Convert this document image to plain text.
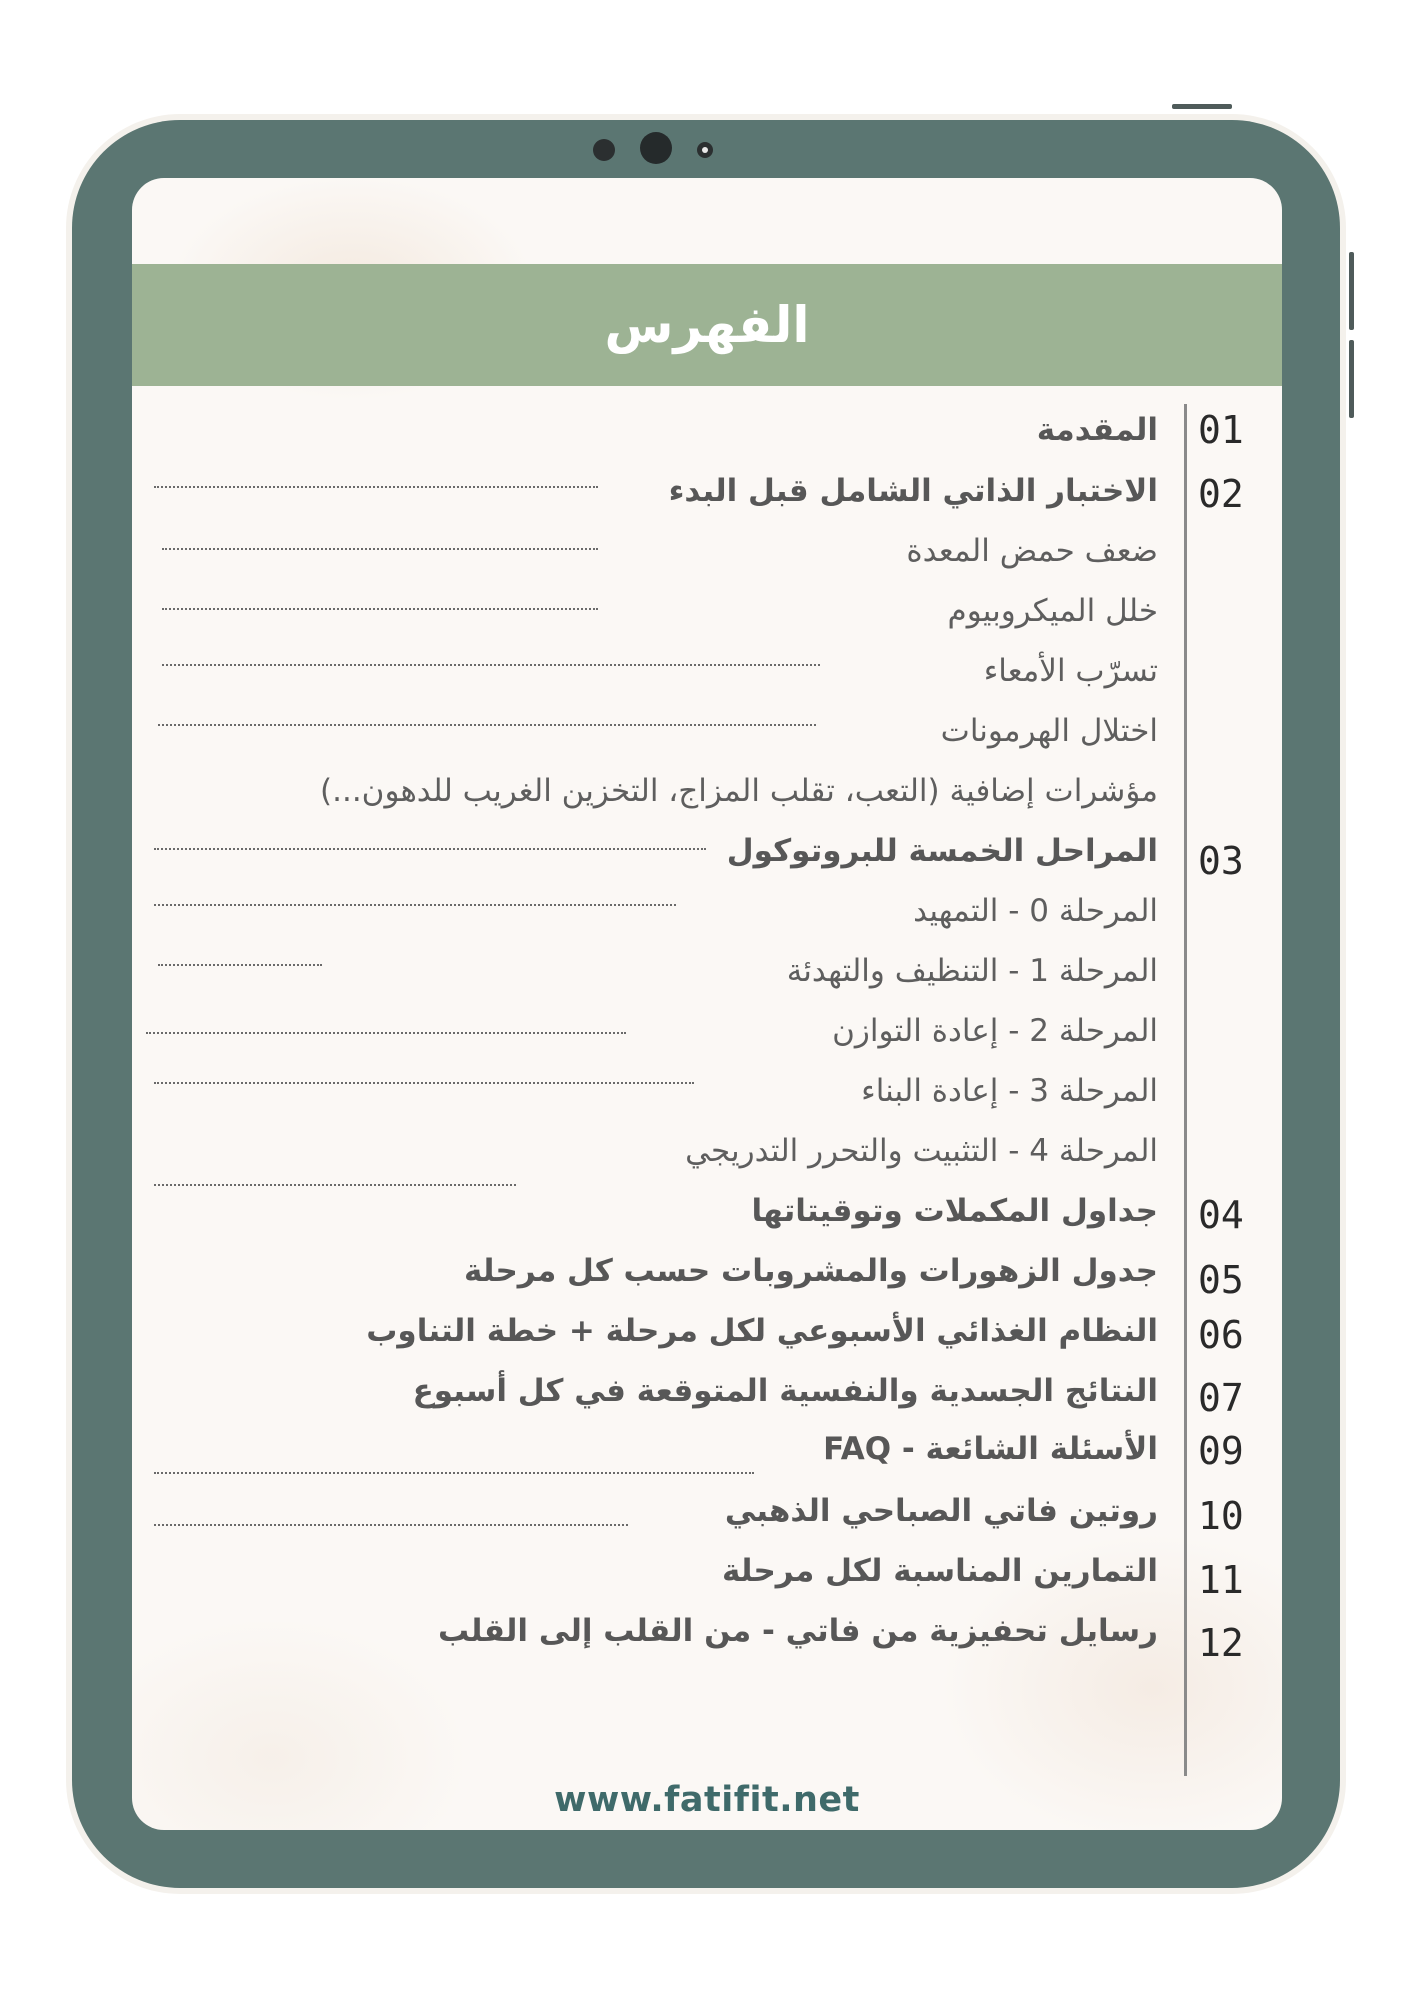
الفهرس
01
02
03
04
05
06
07
09
10
11
12
المقدمة
الاختبار الذاتي الشامل قبل البدء
ضعف حمض المعدة
خلل الميكروبيوم
تسرّب الأمعاء
اختلال الهرمونات
مؤشرات إضافية (التعب، تقلب المزاج، التخزين الغريب للدهون...)
المراحل الخمسة للبروتوكول
المرحلة 0 - التمهيد
المرحلة 1 - التنظيف والتهدئة
المرحلة 2 - إعادة التوازن
المرحلة 3 - إعادة البناء
المرحلة 4 - التثبيت والتحرر التدريجي
جداول المكملات وتوقيتاتها
جدول الزهورات والمشروبات حسب كل مرحلة
النظام الغذائي الأسبوعي لكل مرحلة + خطة التناوب
النتائج الجسدية والنفسية المتوقعة في كل أسبوع
الأسئلة الشائعة - FAQ
روتين فاتي الصباحي الذهبي
التمارين المناسبة لكل مرحلة
رسايل تحفيزية من فاتي - من القلب إلى القلب
www.fatifit.net
